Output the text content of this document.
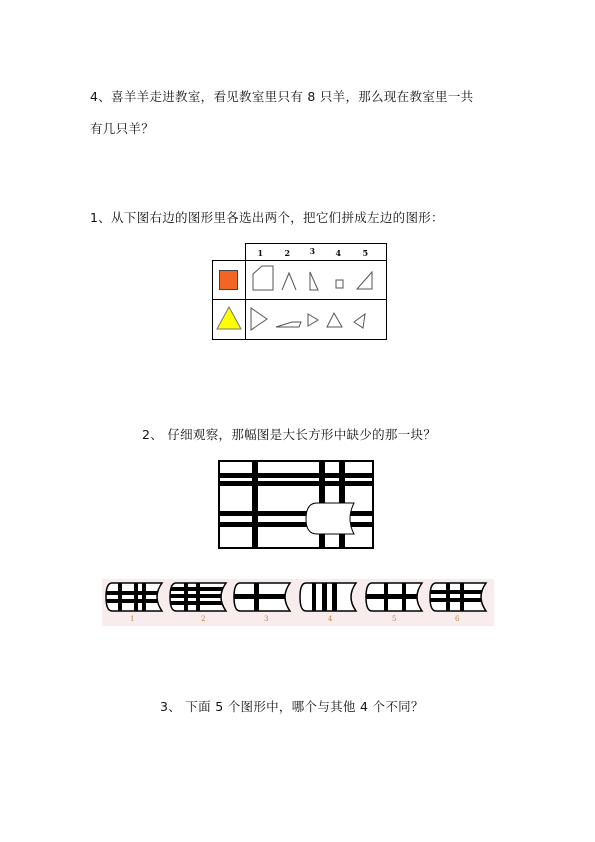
4、喜羊羊走进教室，看见教室里只有 8 只羊，那么现在教室里一共
有几只羊？
1、从下图右边的图形里各选出两个，把它们拼成左边的图形：

	1 2 3 4 5

2、 仔细观察，那幅图是大长方形中缺少的那一块？
1	2	3	4	5	6
3、 下面 5 个图形中，哪个与其他 4 个不同？
